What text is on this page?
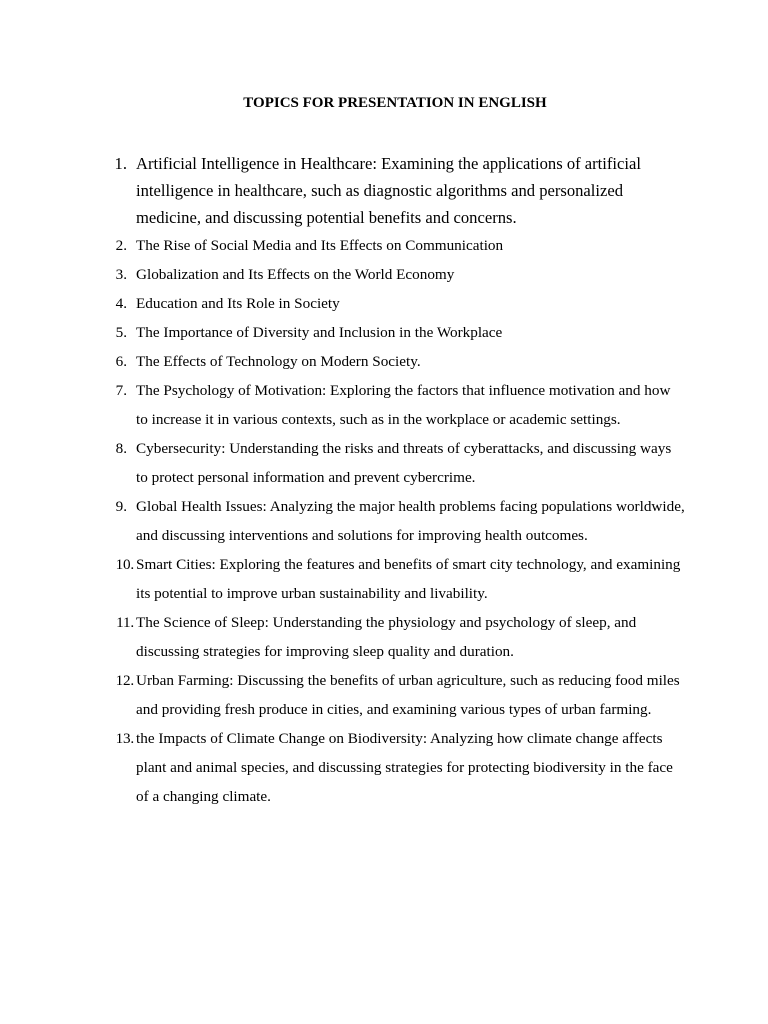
TOPICS FOR PRESENTATION IN ENGLISH
1. Artificial Intelligence in Healthcare: Examining the applications of artificial intelligence in healthcare, such as diagnostic algorithms and personalized medicine, and discussing potential benefits and concerns.
2. The Rise of Social Media and Its Effects on Communication
3. Globalization and Its Effects on the World Economy
4. Education and Its Role in Society
5. The Importance of Diversity and Inclusion in the Workplace
6. The Effects of Technology on Modern Society.
7. The Psychology of Motivation: Exploring the factors that influence motivation and how to increase it in various contexts, such as in the workplace or academic settings.
8. Cybersecurity: Understanding the risks and threats of cyberattacks, and discussing ways to protect personal information and prevent cybercrime.
9. Global Health Issues: Analyzing the major health problems facing populations worldwide, and discussing interventions and solutions for improving health outcomes.
10. Smart Cities: Exploring the features and benefits of smart city technology, and examining its potential to improve urban sustainability and livability.
11. The Science of Sleep: Understanding the physiology and psychology of sleep, and discussing strategies for improving sleep quality and duration.
12. Urban Farming: Discussing the benefits of urban agriculture, such as reducing food miles and providing fresh produce in cities, and examining various types of urban farming.
13. the Impacts of Climate Change on Biodiversity: Analyzing how climate change affects plant and animal species, and discussing strategies for protecting biodiversity in the face of a changing climate.
